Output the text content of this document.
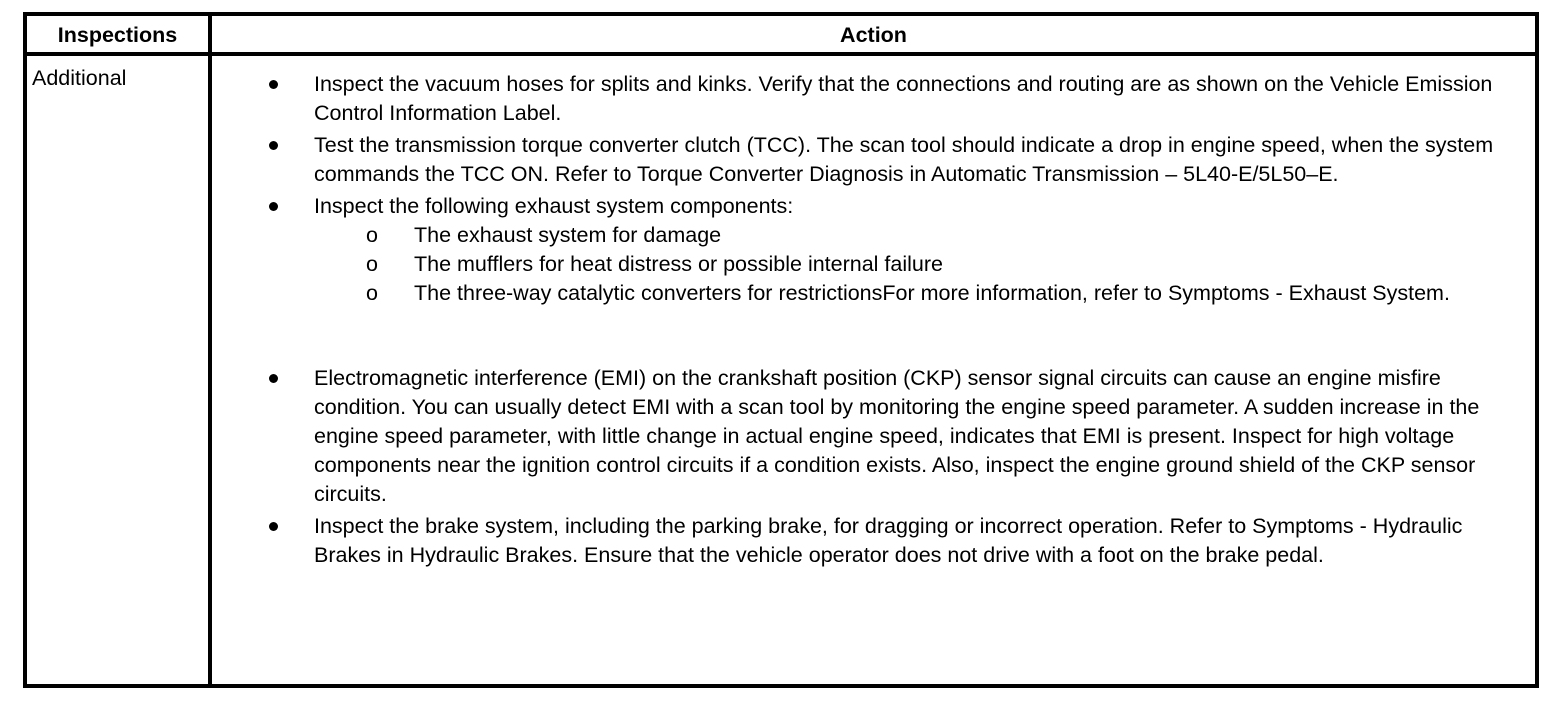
Inspections	Action
Additional	Inspect the vacuum hoses for splits and kinks. Verify that the connections and routing are as shown on the Vehicle Emission Control Information Label.
Test the transmission torque converter clutch (TCC). The scan tool should indicate a drop in engine speed, when the system commands the TCC ON. Refer to Torque Converter Diagnosis in Automatic Transmission – 5L40-E/5L50–E.
Inspect the following exhaust system components:
o The exhaust system for damage
o The mufflers for heat distress or possible internal failure
o The three-way catalytic converters for restrictionsFor more information, refer to Symptoms - Exhaust System.
Electromagnetic interference (EMI) on the crankshaft position (CKP) sensor signal circuits can cause an engine misfire condition. You can usually detect EMI with a scan tool by monitoring the engine speed parameter. A sudden increase in the engine speed parameter, with little change in actual engine speed, indicates that EMI is present. Inspect for high voltage components near the ignition control circuits if a condition exists. Also, inspect the engine ground shield of the CKP sensor circuits.
Inspect the brake system, including the parking brake, for dragging or incorrect operation. Refer to Symptoms - Hydraulic Brakes in Hydraulic Brakes. Ensure that the vehicle operator does not drive with a foot on the brake pedal.
